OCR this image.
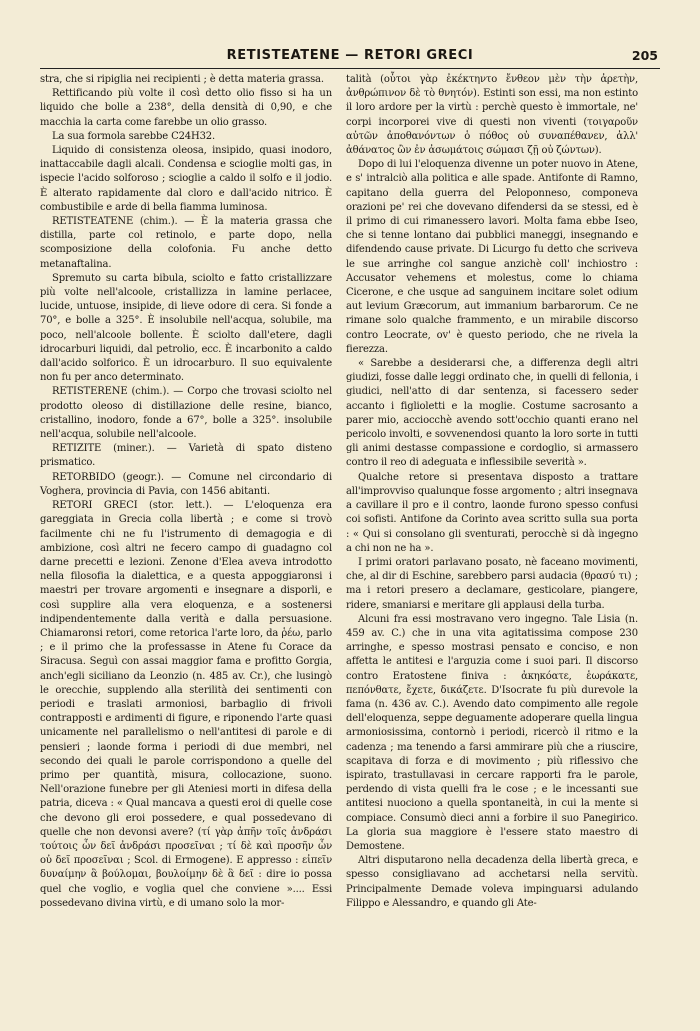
RETISTEATENE — RETORI GRECI	205

stra, che si ripiglia nei recipienti ; è detta materia grassa.

Rettificando più volte il così detto olio fisso si ha un liquido che bolle a 238°, della densità di 0,90, e che macchia la carta come farebbe un olio grasso.

La sua formola sarebbe C24H32.

Liquido di consistenza oleosa, insipido, quasi inodoro, inattaccabile dagli alcali. Condensa e scioglie molti gas, in ispecie l'acido solforoso ; scioglie a caldo il solfo e il jodio. È alterato rapidamente dal cloro e dall'acido nitrico. È combustibile e arde di bella fiamma luminosa.

RETISTEATENE (chim.). — È la materia grassa che distilla, parte col retinolo, e parte dopo, nella scomposizione della colofonia. Fu anche detto metanaftalina.

Spremuto su carta bibula, sciolto e fatto cristallizzare più volte nell'alcoole, cristallizza in lamine perlacee, lucide, untuose, insipide, di lieve odore di cera. Si fonde a 70°, e bolle a 325°. È insolubile nell'acqua, solubile, ma poco, nell'alcoole bollente. È sciolto dall'etere, dagli idrocarburi liquidi, dal petrolio, ecc. È incarbonito a caldo dall'acido solforico. È un idrocarburo. Il suo equivalente non fu per anco determinato.

RETISTERENE (chim.). — Corpo che trovasi sciolto nel prodotto oleoso di distillazione delle resine, bianco, cristallino, inodoro, fonde a 67°, bolle a 325°. insolubile nell'acqua, solubile nell'alcoole.

RETIZITE (miner.). — Varietà di spato disteno prismatico.

RETORBIDO (geogr.). — Comune nel circondario di Voghera, provincia di Pavia, con 1456 abitanti.

RETORI GRECI (stor. lett.). — L'eloquenza era gareggiata in Grecia colla libertà ; e come si trovò facilmente chi ne fu l'istrumento di demagogia e di ambizione, così altri ne fecero campo di guadagno col darne precetti e lezioni. Zenone d'Elea aveva introdotto nella filosofia la dialettica, e a questa appoggiaronsi i maestri per trovare argomenti e insegnare a disporli, e così supplire alla vera eloquenza, e a sostenersi indipendentemente dalla verità e dalla persuasione. Chiamaronsi retori, come retorica l'arte loro, da ῥέω, parlo ; e il primo che la professasse in Atene fu Corace da Siracusa. Seguì con assai maggior fama e profitto Gorgia, anch'egli siciliano da Leonzio (n. 485 av. Cr.), che lusingò le orecchie, supplendo alla sterilità dei sentimenti con periodi e traslati armoniosi, barbaglio di frivoli contrapposti e ardimenti di figure, e riponendo l'arte quasi unicamente nel parallelismo o nell'antitesi di parole e di pensieri ; laonde forma i periodi di due membri, nel secondo dei quali le parole corrispondono a quelle del primo per quantità, misura, collocazione, suono. Nell'orazione funebre per gli Ateniesi morti in difesa della patria, diceva : « Qual mancava a questi eroi di quelle cose che devono gli eroi possedere, e qual possedevano di quelle che non devonsi avere? (τί γὰρ ἀπῆν τοῖς ἀνδράσι τούτοις ὧν δεῖ ἀνδράσι προσεῖναι ; τί δὲ καὶ προσῆν ὧν οὐ δεῖ προσεῖναι ; Scol. di Ermogene). E appresso : εἰπεῖν δυναίμην ἃ βούλομαι, βουλοίμην δὲ ἃ δεῖ : dire io possa quel che voglio, e voglia quel che conviene ».... Essi possedevano divina virtù, e di umano solo la mor-

talità (οὗτοι γὰρ ἐκέκτηντο ἔνθεον μὲν τὴν ἀρετὴν, ἀνθρώπινον δὲ τὸ θνητόν). Estinti son essi, ma non estinto il loro ardore per la virtù : perchè questo è immortale, ne' corpi incorporei vive di questi non viventi (τοιγαροῦν αὐτῶν ἀποθανόντων ὁ πόθος οὐ συναπέθανεν, ἀλλ' ἀθάνατος ὢν ἐν ἀσωμάτοις σώμασι ζῇ οὐ ζώντων).

Dopo di lui l'eloquenza divenne un poter nuovo in Atene, e s' intralciò alla politica e alle spade. Antifonte di Ramno, capitano della guerra del Peloponneso, componeva orazioni pe' rei che dovevano difendersi da se stessi, ed è il primo di cui rimanessero lavori. Molta fama ebbe Iseo, che si tenne lontano dai pubblici maneggi, insegnando e difendendo cause private. Di Licurgo fu detto che scriveva le sue arringhe col sangue anzichè coll' inchiostro : Accusator vehemens et molestus, come lo chiama Cicerone, e che usque ad sanguinem incitare solet odium aut levium Græcorum, aut immanium barbarorum. Ce ne rimane solo qualche frammento, e un mirabile discorso contro Leocrate, ov' è questo periodo, che ne rivela la fierezza.

« Sarebbe a desiderarsi che, a differenza degli altri giudizi, fosse dalle leggi ordinato che, in quelli di fellonia, i giudici, nell'atto di dar sentenza, si facessero seder accanto i figlioletti e la moglie. Costume sacrosanto a parer mio, acciocchè avendo sott'occhio quanti erano nel pericolo involti, e sovvenendosi quanto la loro sorte in tutti gli animi destasse compassione e cordoglio, si armassero contro il reo di adeguata e inflessibile severità ».

Qualche retore si presentava disposto a trattare all'improvviso qualunque fosse argomento ; altri insegnava a cavillare il pro e il contro, laonde furono spesso confusi coi sofisti. Antifone da Corinto avea scritto sulla sua porta : « Qui si consolano gli sventurati, perocchè si dà ingegno a chi non ne ha ».

I primi oratori parlavano posato, nè faceano movimenti, che, al dir di Eschine, sarebbero parsi audacia (θρασύ τι) ; ma i retori presero a declamare, gesticolare, piangere, ridere, smaniarsi e meritare gli applausi della turba.

Alcuni fra essi mostravano vero ingegno. Tale Lisia (n. 459 av. C.) che in una vita agitatissima compose 230 arringhe, e spesso mostrasi pensato e conciso, e non affetta le antitesi e l'arguzia come i suoi pari. Il discorso contro Eratostene finiva : ἀκηκόατε, ἑωράκατε, πεπόνθατε, ἔχετε, δικάζετε. D'Isocrate fu più durevole la fama (n. 436 av. C.). Avendo dato compimento alle regole dell'eloquenza, seppe deguamente adoperare quella lingua armoniosissima, contornò i periodi, ricercò il ritmo e la cadenza ; ma tenendo a farsi ammirare più che a riuscire, scapitava di forza e di movimento ; più riflessivo che ispirato, trastullavasi in cercare rapporti fra le parole, perdendo di vista quelli fra le cose ; e le incessanti sue antitesi nuociono a quella spontaneità, in cui la mente si compiace. Consumò dieci anni a forbire il suo Panegirico. La gloria sua maggiore è l'essere stato maestro di Demostene.

Altri disputarono nella decadenza della libertà greca, e spesso consigliavano ad acchetarsi nella servitù. Principalmente Demade voleva impinguarsi adulando Filippo e Alessandro, e quando gli Ate-
